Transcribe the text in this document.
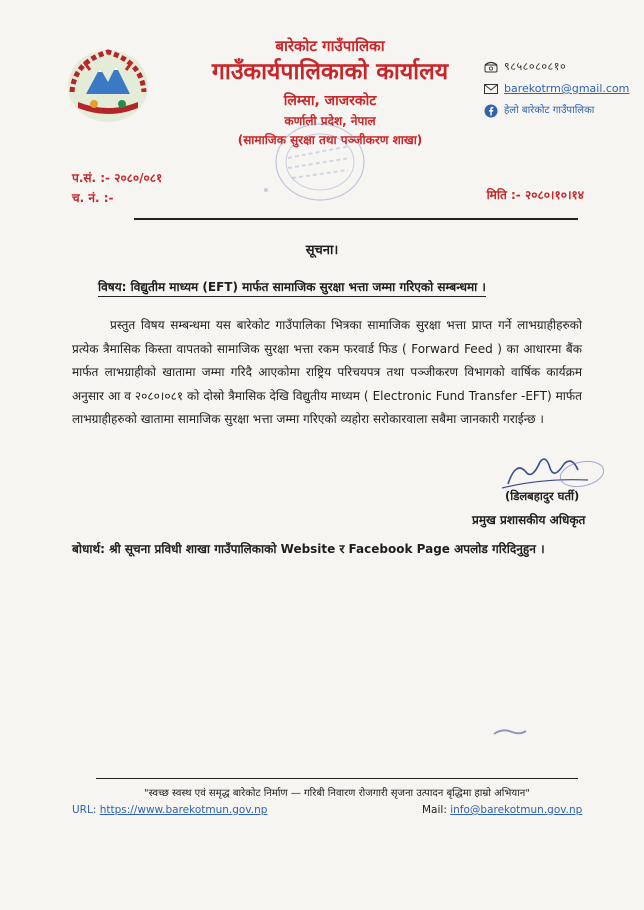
बारेकोट गाउँपालिका
गाउँकार्यपालिकाको कार्यालय
लिम्सा, जाजरकोट
कर्णाली प्रदेश, नेपाल
(सामाजिक सुरक्षा तथा पञ्जीकरण शाखा)
९८५८०८०८१०
barekotrm@gmail.com
हेलो बारेकोट गाउँपालिका
प.सं. :- २०८०/०८१
च. नं. :-	मिति :- २०८०।१०।१४
सूचना।
विषय: विद्युतीम माध्यम (EFT) मार्फत सामाजिक सुरक्षा भत्ता जम्मा गरिएको सम्बन्धमा ।

प्रस्तुत विषय सम्बन्धमा यस बारेकोट गाउँपालिका भित्रका सामाजिक सुरक्षा भत्ता प्राप्त गर्ने लाभग्राहीहरुको प्रत्येक त्रैमासिक किस्ता वापतको सामाजिक सुरक्षा भत्ता रकम फरवार्ड फिड ( Forward Feed ) का आधारमा बैंक मार्फत लाभग्राहीको खातामा जम्मा गरिदै आएकोमा राष्ट्रिय परिचयपत्र तथा पञ्जीकरण विभागको वार्षिक कार्यक्रम अनुसार आ व २०८०।०८१ को दोस्रो त्रैमासिक देखि विद्युतीय माध्यम ( Electronic Fund Transfer -EFT) मार्फत लाभग्राहीहरुको खातामा सामाजिक सुरक्षा भत्ता जम्मा गरिएको व्यहोरा सरोकारवाला सबैमा जानकारी गराईन्छ ।

(डिलबहादुर घर्ती)
प्रमुख प्रशासकीय अधिकृत
बोधार्थ: श्री सूचना प्रविधी शाखा गाउँपालिकाको Website र Facebook Page अपलोड गरिदिनुहुन ।
"स्वच्छ स्वस्थ एवं समृद्ध बारेकोट निर्माण — गरिबी निवारण रोजगारी सृजना उत्पादन बृद्धिमा हाम्रो अभियान"
URL: https://www.barekotmun.gov.np	Mail: info@barekotmun.gov.np
